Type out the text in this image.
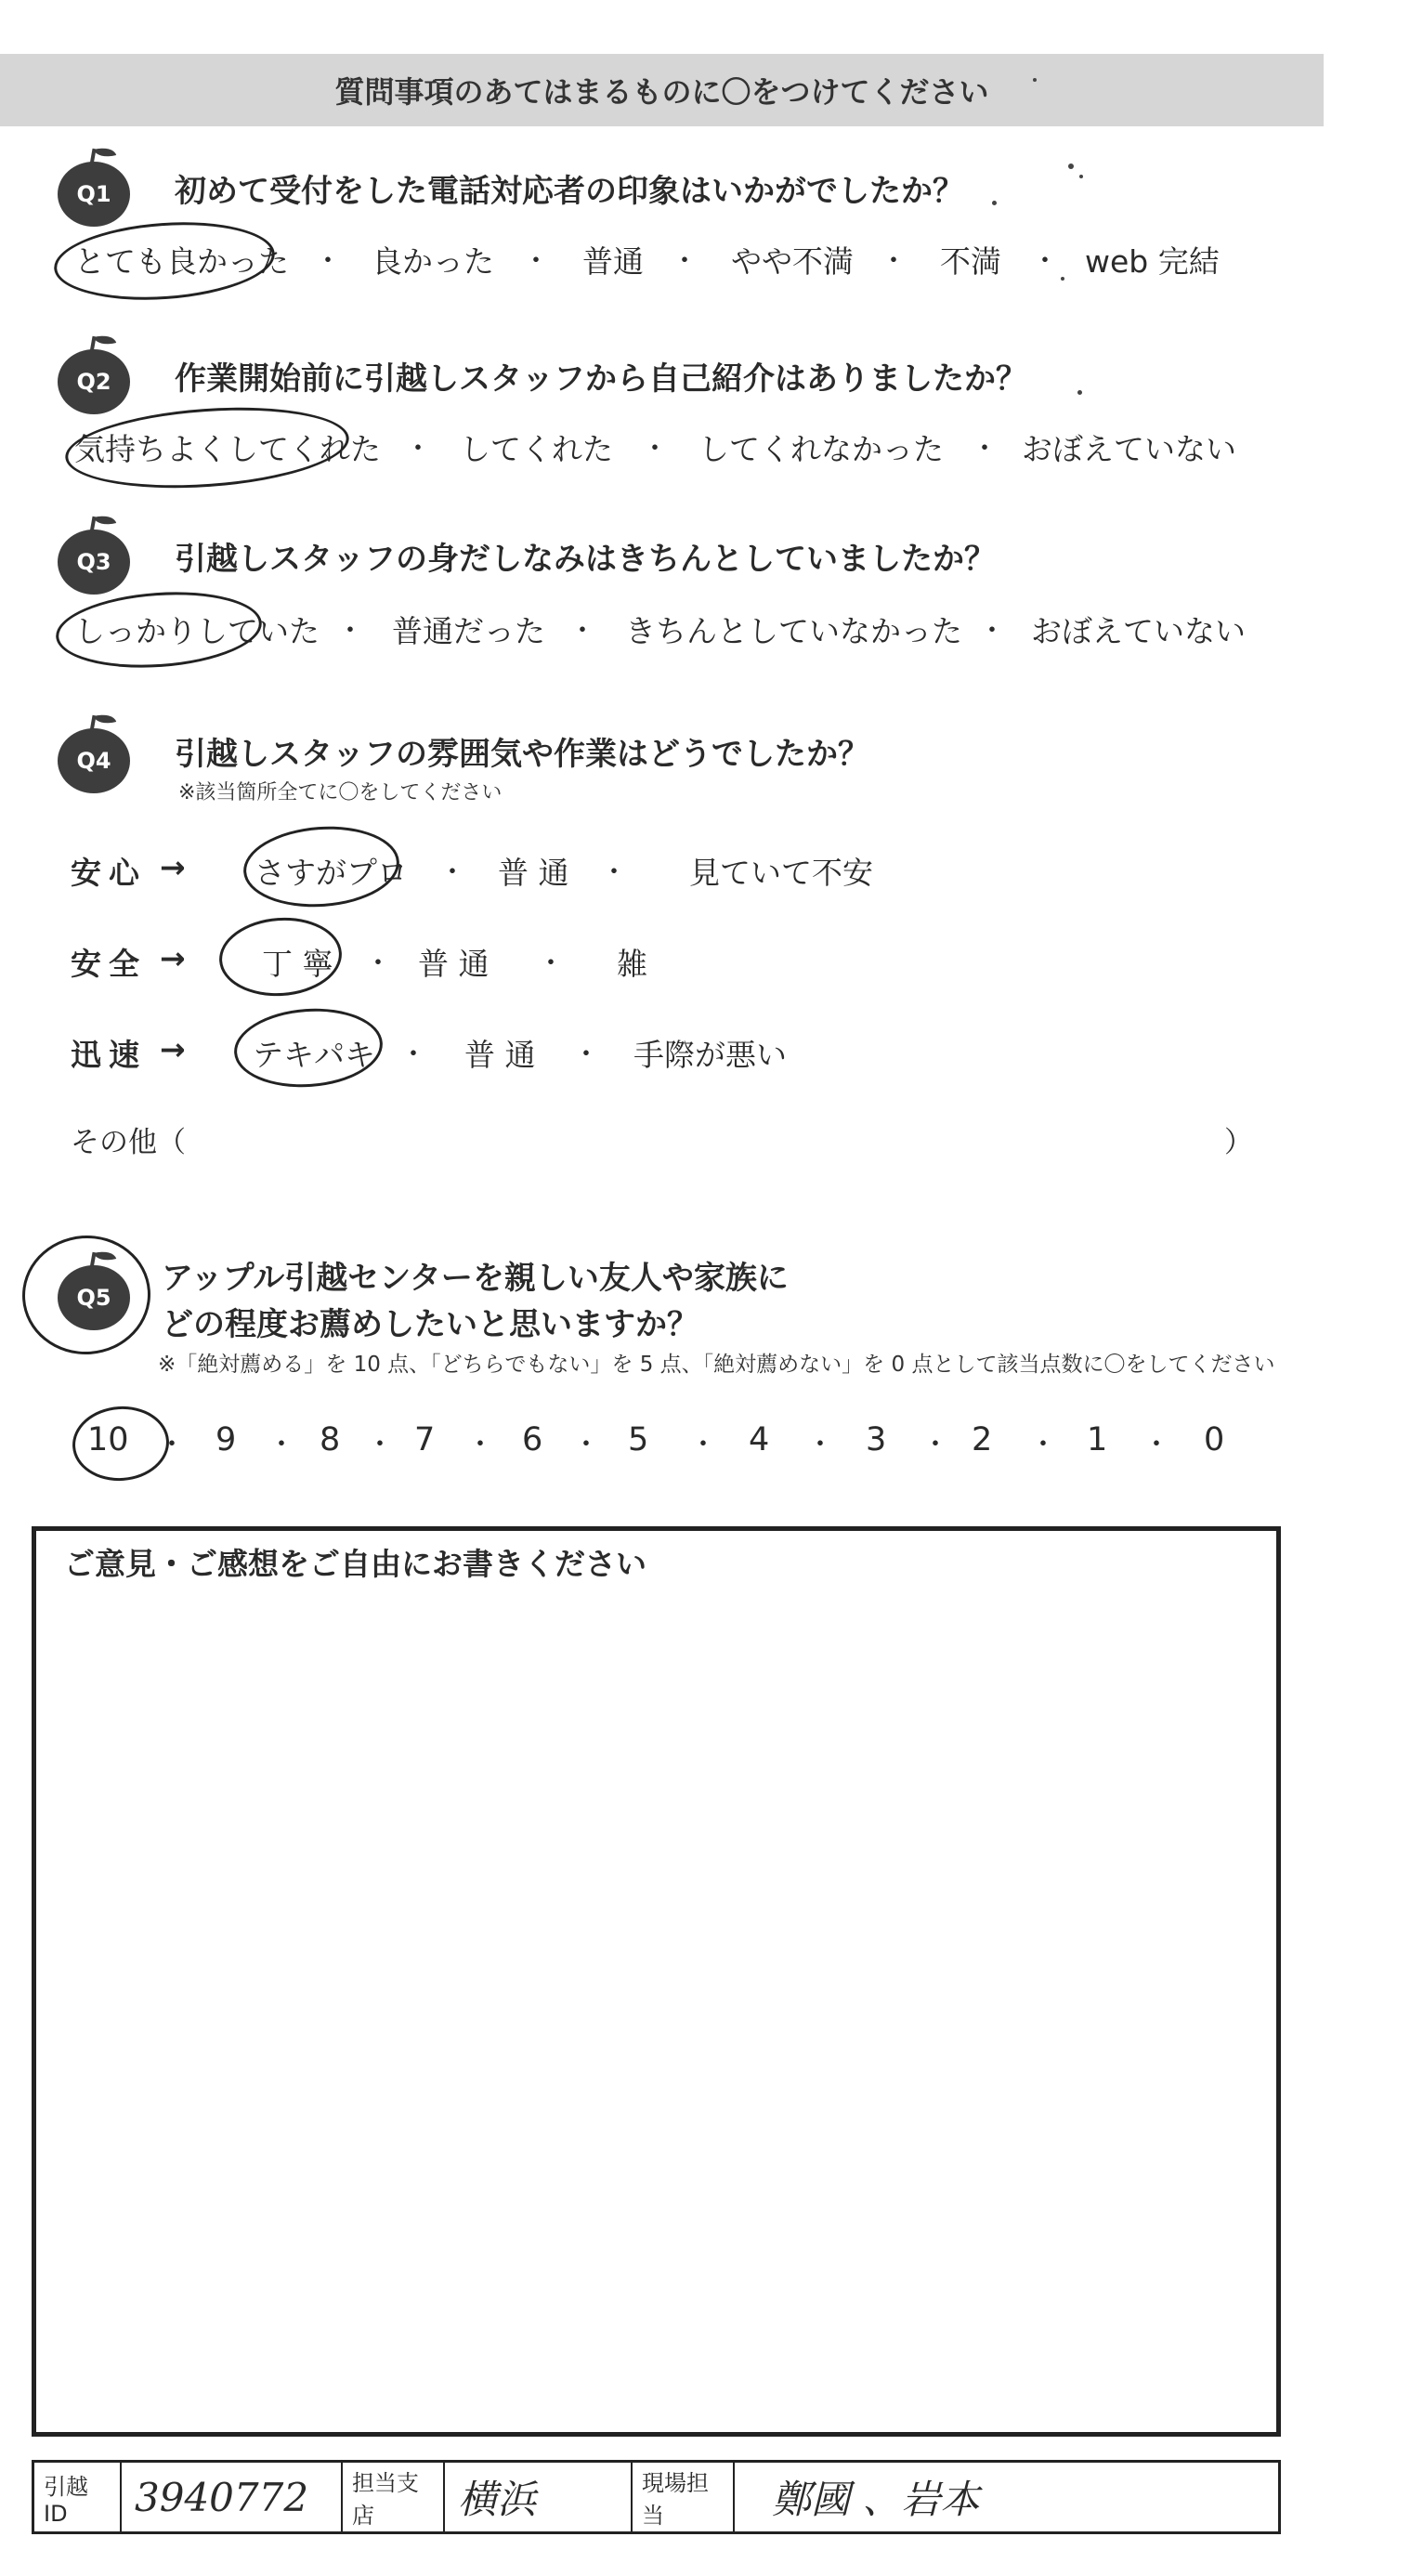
質問事項のあてはまるものに〇をつけてください
Q1 初めて受付をした電話対応者の印象はいかがでしたか？
とても良かった ・ 良かった ・ 普通 ・ やや不満 ・ 不満 ・ web 完結
Q2 作業開始前に引越しスタッフから自己紹介はありましたか？
気持ちよくしてくれた ・ してくれた ・ してくれなかった ・ おぼえていない
Q3 引越しスタッフの身だしなみはきちんとしていましたか？
しっかりしていた ・ 普通だった ・ きちんとしていなかった ・ おぼえていない
Q4 引越しスタッフの雰囲気や作業はどうでしたか？
※該当箇所全てに〇をしてください
安心 → さすがプロ ・ 普 通 ・ 見ていて不安
安全 → 丁 寧 ・ 普 通 ・ 雑
迅速 → テキパキ ・ 普 通 ・ 手際が悪い
その他（	）
Q5
アップル引越センターを親しい友人や家族に
どの程度お薦めしたいと思いますか？
※「絶対薦める」を 10 点、「どちらでもない」を 5 点、「絶対薦めない」を 0 点として該当点数に〇をしてください
10 ・ 9 ・ 8 ・ 7 ・ 6 ・ 5 ・ 4 ・ 3 ・ 2 ・ 1 ・ 0
ご意見・ご感想をご自由にお書きください
引越 ID	3940772	担当支店	横浜	現場担当	鄭國 、岩本
